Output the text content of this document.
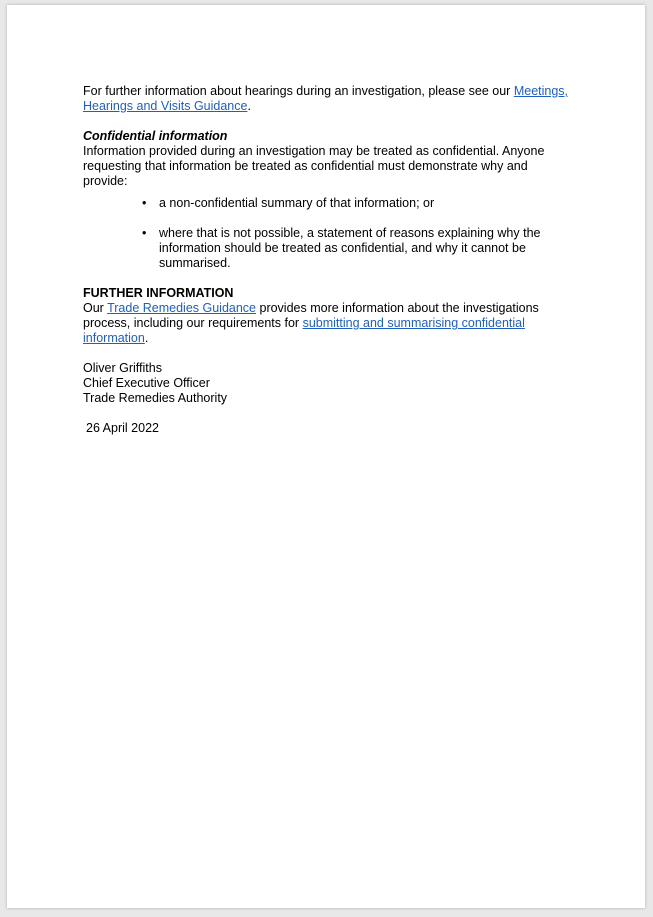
For further information about hearings during an investigation, please see our Meetings, Hearings and Visits Guidance.

Confidential information

Information provided during an investigation may be treated as confidential. Anyone requesting that information be treated as confidential must demonstrate why and provide:

• a non-confidential summary of that information; or
• where that is not possible, a statement of reasons explaining why the information should be treated as confidential, and why it cannot be summarised.

FURTHER INFORMATION

Our Trade Remedies Guidance provides more information about the investigations process, including our requirements for submitting and summarising confidential information.

Oliver Griffiths

Chief Executive Officer

Trade Remedies Authority

26 April 2022
